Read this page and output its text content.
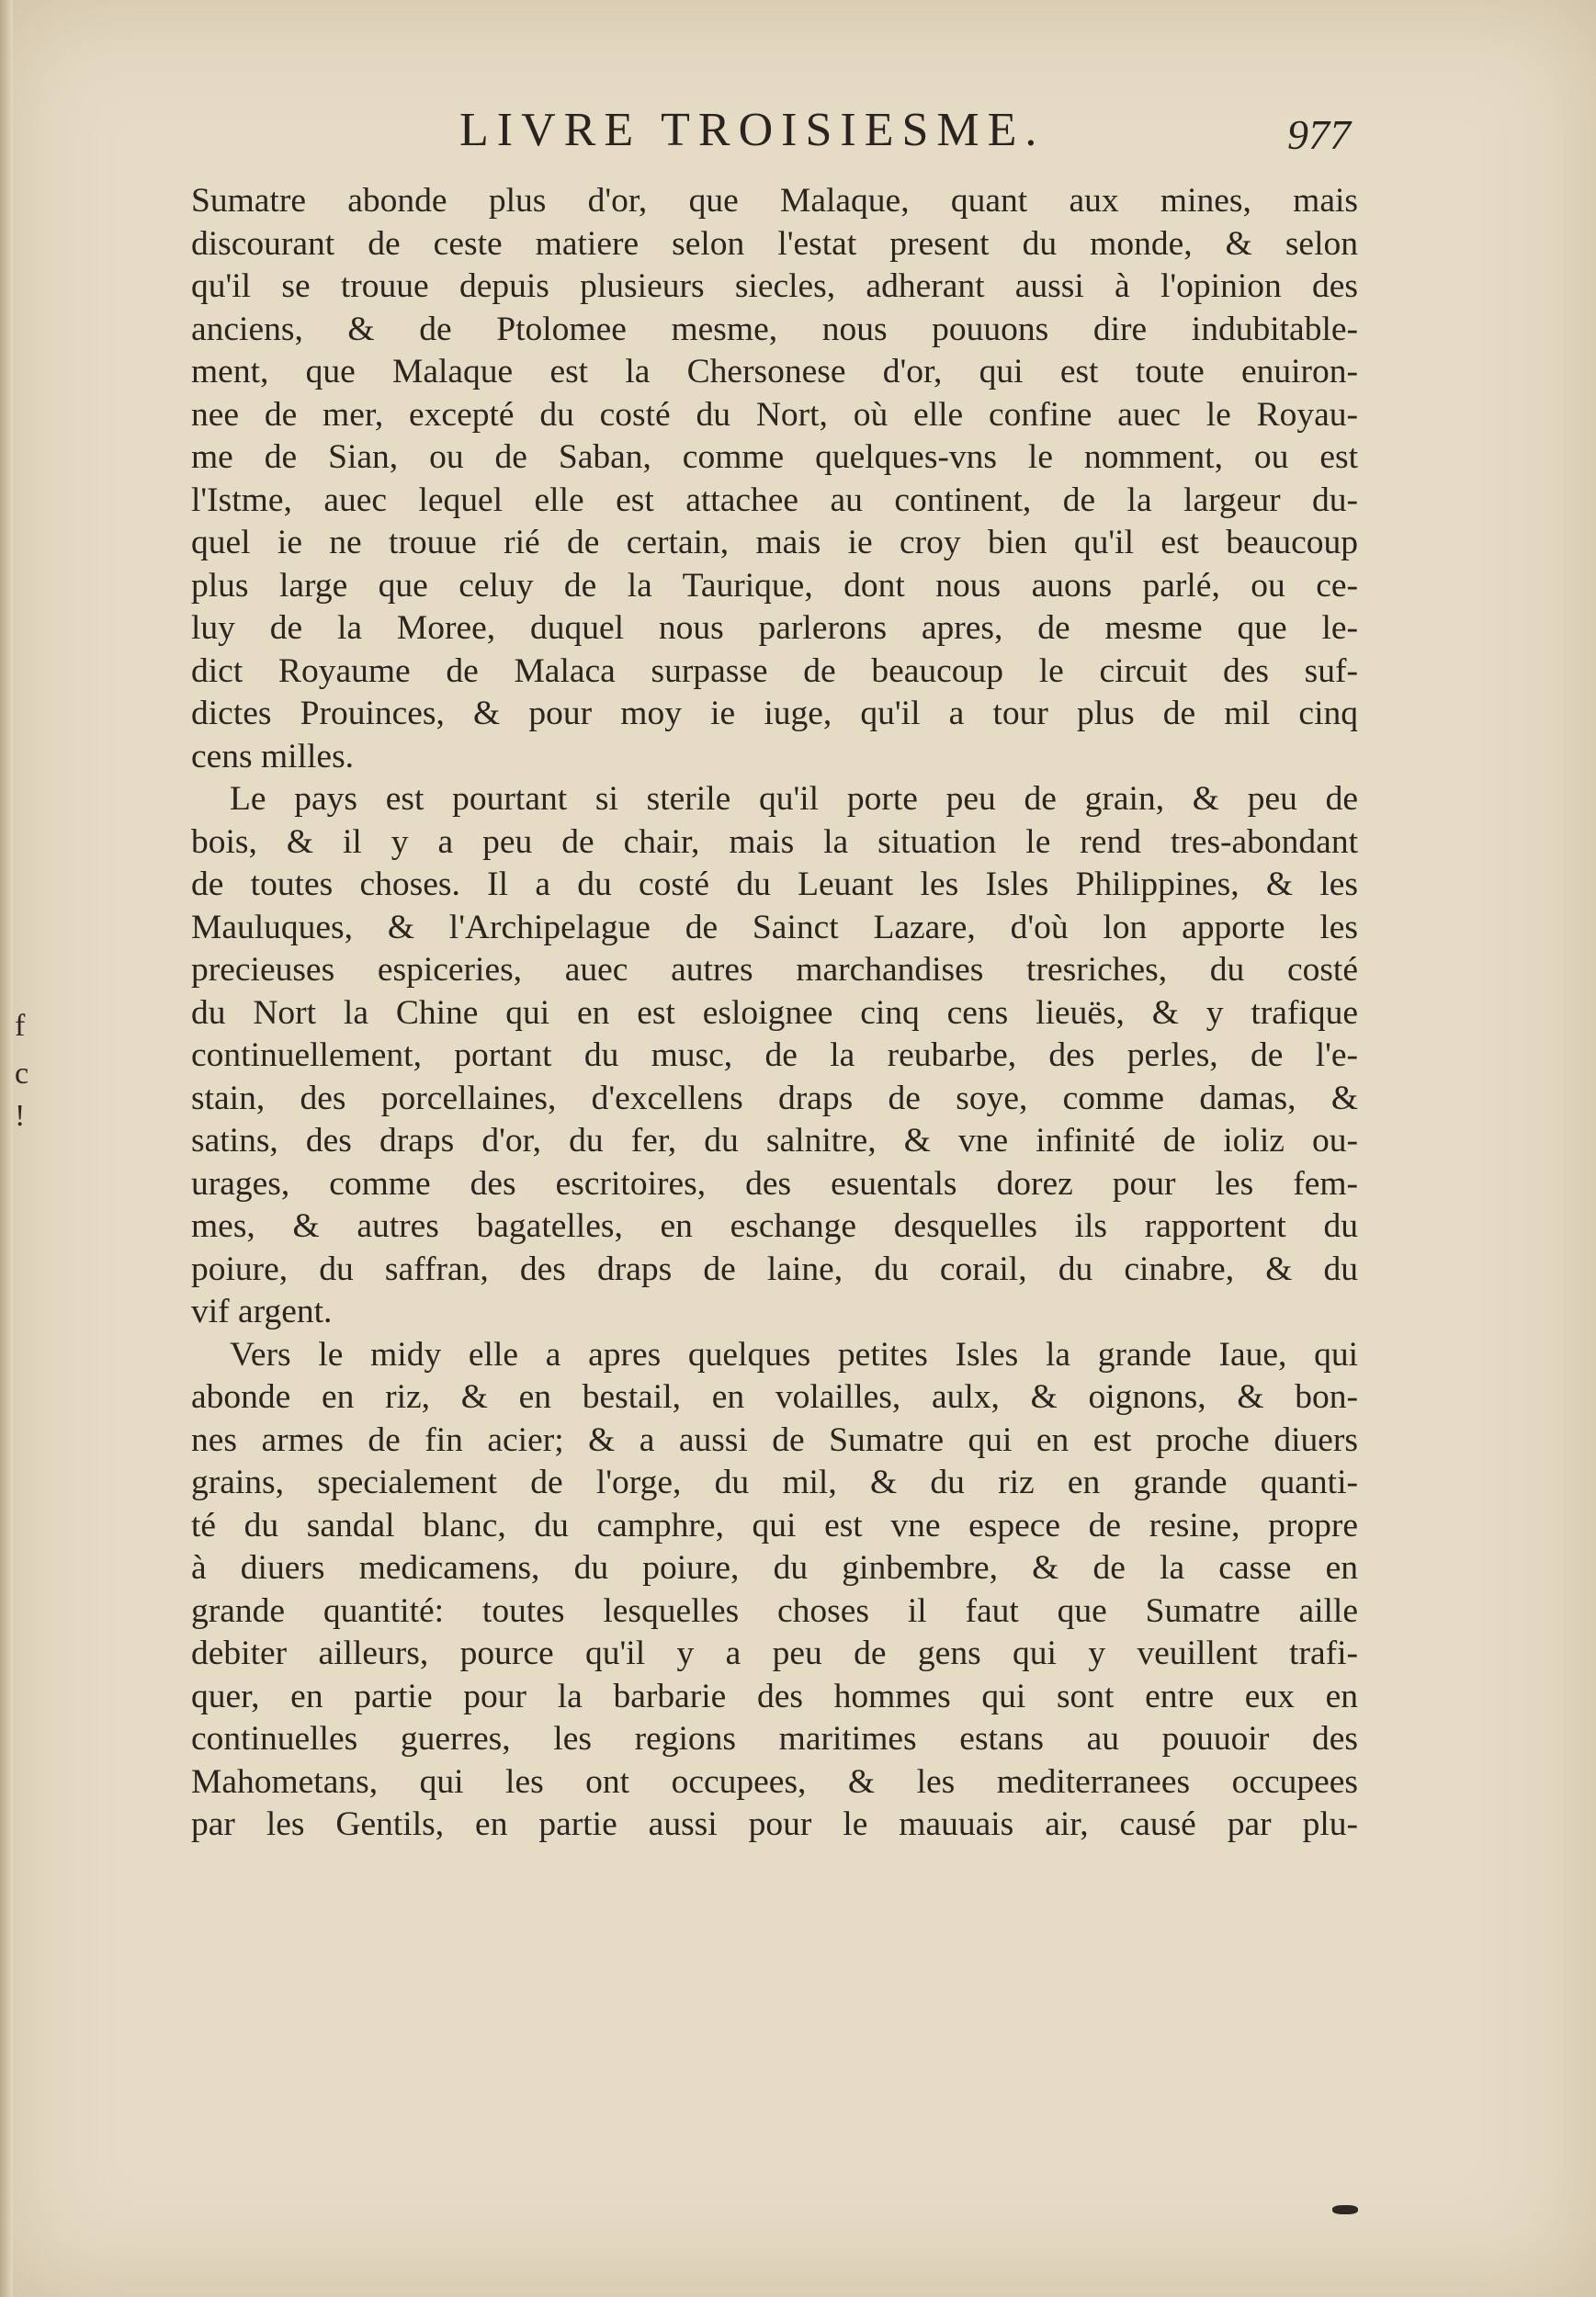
LIVRE TROISIESME.	977
f
c
!
Sumatre abonde plus d'or, que Malaque, quant aux mines, mais
discourant de ceste matiere selon l'estat present du monde, & selon
qu'il se trouue depuis plusieurs siecles, adherant aussi à l'opinion des
anciens, & de Ptolomee mesme, nous pouuons dire indubitable-
ment, que Malaque est la Chersonese d'or, qui est toute enuiron-
nee de mer, excepté du costé du Nort, où elle confine auec le Royau-
me de Sian, ou de Saban, comme quelques-vns le nomment, ou est
l'Istme, auec lequel elle est attachee au continent, de la largeur du-
quel ie ne trouue rié de certain, mais ie croy bien qu'il est beaucoup
plus large que celuy de la Taurique, dont nous auons parlé, ou ce-
luy de la Moree, duquel nous parlerons apres, de mesme que le-
dict Royaume de Malaca surpasse de beaucoup le circuit des suf-
dictes Prouinces, & pour moy ie iuge, qu'il a tour plus de mil cinq
cens milles.
Le pays est pourtant si sterile qu'il porte peu de grain, & peu de
bois, & il y a peu de chair, mais la situation le rend tres-abondant
de toutes choses. Il a du costé du Leuant les Isles Philippines, & les
Mauluques, & l'Archipelague de Sainct Lazare, d'où lon apporte les
precieuses espiceries, auec autres marchandises tresriches, du costé
du Nort la Chine qui en est esloignee cinq cens lieuës, & y trafique
continuellement, portant du musc, de la reubarbe, des perles, de l'e-
stain, des porcellaines, d'excellens draps de soye, comme damas, &
satins, des draps d'or, du fer, du salnitre, & vne infinité de ioliz ou-
urages, comme des escritoires, des esuentals dorez pour les fem-
mes, & autres bagatelles, en eschange desquelles ils rapportent du
poiure, du saffran, des draps de laine, du corail, du cinabre, & du
vif argent.
Vers le midy elle a apres quelques petites Isles la grande Iaue, qui
abonde en riz, & en bestail, en volailles, aulx, & oignons, & bon-
nes armes de fin acier; & a aussi de Sumatre qui en est proche diuers
grains, specialement de l'orge, du mil, & du riz en grande quanti-
té du sandal blanc, du camphre, qui est vne espece de resine, propre
à diuers medicamens, du poiure, du ginbembre, & de la casse en
grande quantité: toutes lesquelles choses il faut que Sumatre aille
debiter ailleurs, pource qu'il y a peu de gens qui y veuillent trafi-
quer, en partie pour la barbarie des hommes qui sont entre eux en
continuelles guerres, les regions maritimes estans au pouuoir des
Mahometans, qui les ont occupees, & les mediterranees occupees
par les Gentils, en partie aussi pour le mauuais air, causé par plu-
